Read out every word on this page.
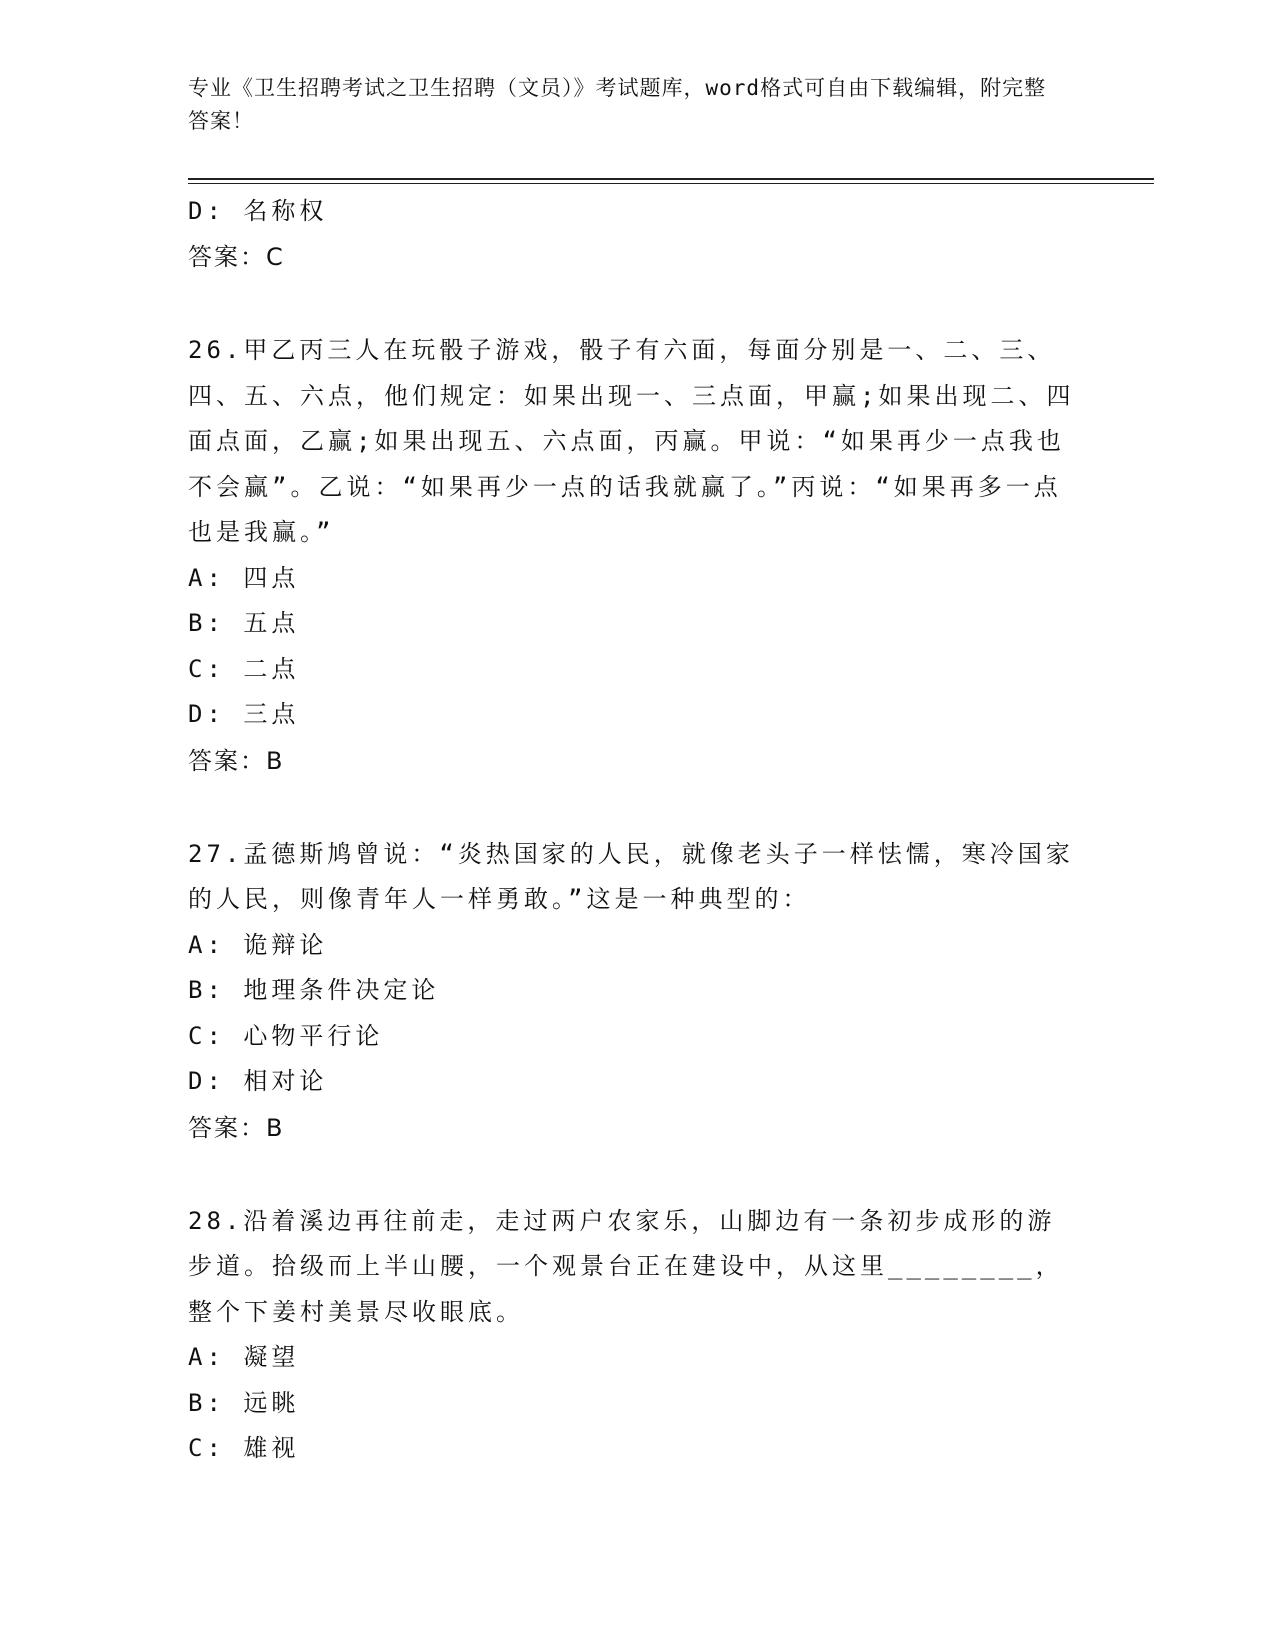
专业《卫生招聘考试之卫生招聘（文员）》考试题库，word格式可自由下载编辑，附完整答案！
D: 名称权
答案：C
26.甲乙丙三人在玩骰子游戏，骰子有六面，每面分别是一、二、三、四、五、六点，他们规定：如果出现一、三点面，甲赢;如果出现二、四面点面，乙赢;如果出现五、六点面，丙赢。甲说：“如果再少一点我也不会赢”。乙说：“如果再少一点的话我就赢了。”丙说：“如果再多一点也是我赢。”
A: 四点
B: 五点
C: 二点
D: 三点
答案：B
27.孟德斯鸠曾说：“炎热国家的人民，就像老头子一样怯懦，寒冷国家的人民，则像青年人一样勇敢。”这是一种典型的：
A: 诡辩论
B: 地理条件决定论
C: 心物平行论
D: 相对论
答案：B
28.沿着溪边再往前走，走过两户农家乐，山脚边有一条初步成形的游步道。拾级而上半山腰，一个观景台正在建设中，从这里________，整个下姜村美景尽收眼底。
A: 凝望
B: 远眺
C: 雄视
